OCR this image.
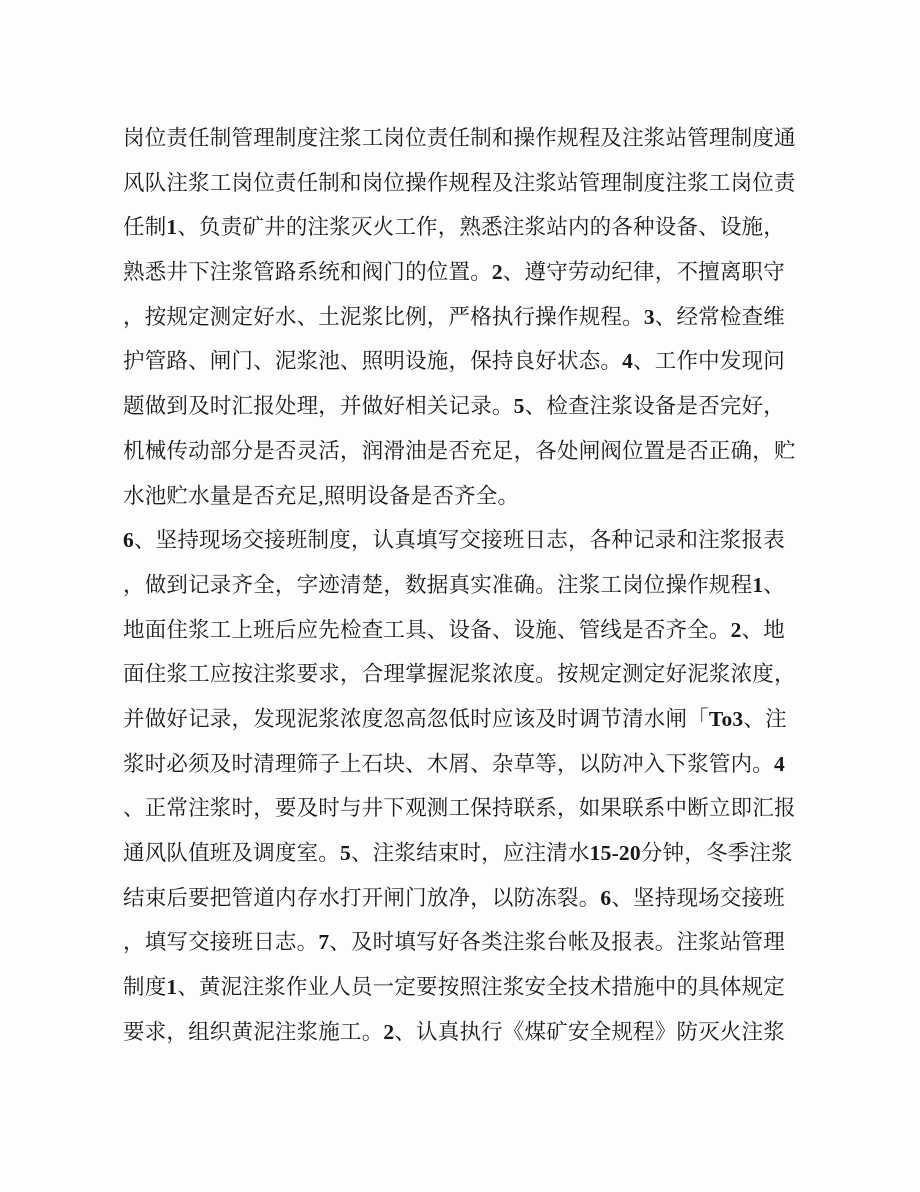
岗位责任制管理制度注浆工岗位责任制和操作规程及注浆站管理制度通
风队注浆工岗位责任制和岗位操作规程及注浆站管理制度注浆工岗位责
任制1、负责矿井的注浆灭火工作，熟悉注浆站内的各种设备、设施，
熟悉井下注浆管路系统和阀门的位置。2、遵守劳动纪律，不擅离职守
，按规定测定好水、土泥浆比例，严格执行操作规程。3、经常检查维
护管路、闸门、泥浆池、照明设施，保持良好状态。4、工作中发现问
题做到及时汇报处理，并做好相关记录。5、检查注浆设备是否完好，
机械传动部分是否灵活，润滑油是否充足，各处闸阀位置是否正确，贮
水池贮水量是否充足,照明设备是否齐全。
6、坚持现场交接班制度，认真填写交接班日志，各种记录和注浆报表
，做到记录齐全，字迹清楚，数据真实准确。注浆工岗位操作规程1、
地面住浆工上班后应先检查工具、设备、设施、管线是否齐全。2、地
面住浆工应按注浆要求，合理掌握泥浆浓度。按规定测定好泥浆浓度，
并做好记录，发现泥浆浓度忽高忽低时应该及时调节清水闸「To3、注
浆时必须及时清理筛子上石块、木屑、杂草等，以防冲入下浆管内。4
、正常注浆时，要及时与井下观测工保持联系，如果联系中断立即汇报
通风队值班及调度室。5、注浆结束时，应注清水15-20分钟，冬季注浆
结束后要把管道内存水打开闸门放净，以防冻裂。6、坚持现场交接班
，填写交接班日志。7、及时填写好各类注浆台帐及报表。注浆站管理
制度1、黄泥注浆作业人员一定要按照注浆安全技术措施中的具体规定
要求，组织黄泥注浆施工。2、认真执行《煤矿安全规程》防灭火注浆
